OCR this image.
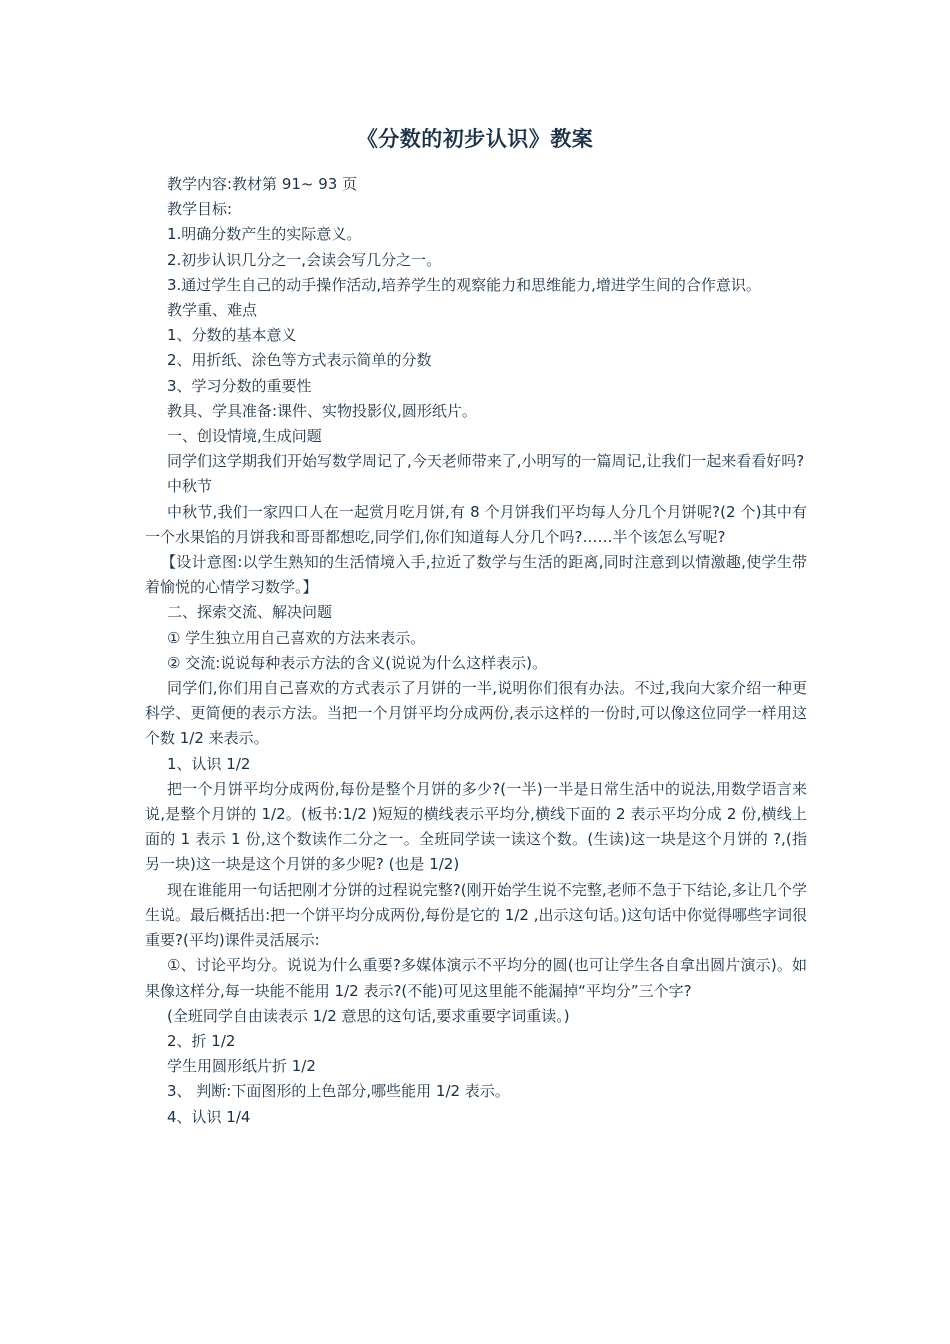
《分数的初步认识》教案

教学内容:教材第 91~ 93 页

教学目标:

1.明确分数产生的实际意义。

2.初步认识几分之一,会读会写几分之一。

3.通过学生自己的动手操作活动,培养学生的观察能力和思维能力,增进学生间的合作意识。

教学重、难点

1、分数的基本意义

2、用折纸、涂色等方式表示简单的分数

3、学习分数的重要性

教具、学具准备:课件、实物投影仪,圆形纸片。

一、创设情境,生成问题

同学们这学期我们开始写数学周记了,今天老师带来了,小明写的一篇周记,让我们一起来看看好吗?

中秋节

中秋节,我们一家四口人在一起赏月吃月饼,有 8 个月饼我们平均每人分几个月饼呢?(2 个)其中有一个水果馅的月饼我和哥哥都想吃,同学们,你们知道每人分几个吗?……半个该怎么写呢?

【设计意图:以学生熟知的生活情境入手,拉近了数学与生活的距离,同时注意到以情激趣,使学生带着愉悦的心情学习数学。】

二、探索交流、解决问题

① 学生独立用自己喜欢的方法来表示。

② 交流:说说每种表示方法的含义(说说为什么这样表示)。

同学们,你们用自己喜欢的方式表示了月饼的一半,说明你们很有办法。不过,我向大家介绍一种更科学、更简便的表示方法。当把一个月饼平均分成两份,表示这样的一份时,可以像这位同学一样用这个数 1/2 来表示。

1、认识 1/2

把一个月饼平均分成两份,每份是整个月饼的多少?(一半)一半是日常生活中的说法,用数学语言来说,是整个月饼的 1/2。(板书:1/2 )短短的横线表示平均分,横线下面的 2 表示平均分成 2 份,横线上面的 1 表示 1 份,这个数读作二分之一。全班同学读一读这个数。(生读)这一块是这个月饼的 ?,(指另一块)这一块是这个月饼的多少呢? (也是 1/2)

现在谁能用一句话把刚才分饼的过程说完整?(刚开始学生说不完整,老师不急于下结论,多让几个学生说。最后概括出:把一个饼平均分成两份,每份是它的 1/2 ,出示这句话。)这句话中你觉得哪些字词很重要?(平均)课件灵活展示:

①、讨论平均分。说说为什么重要?多媒体演示不平均分的圆(也可让学生各自拿出圆片演示)。如果像这样分,每一块能不能用 1/2 表示?(不能)可见这里能不能漏掉“平均分”三个字?

(全班同学自由读表示 1/2 意思的这句话,要求重要字词重读。)

2、折 1/2

学生用圆形纸片折 1/2

3、 判断:下面图形的上色部分,哪些能用 1/2 表示。

4、认识 1/4
